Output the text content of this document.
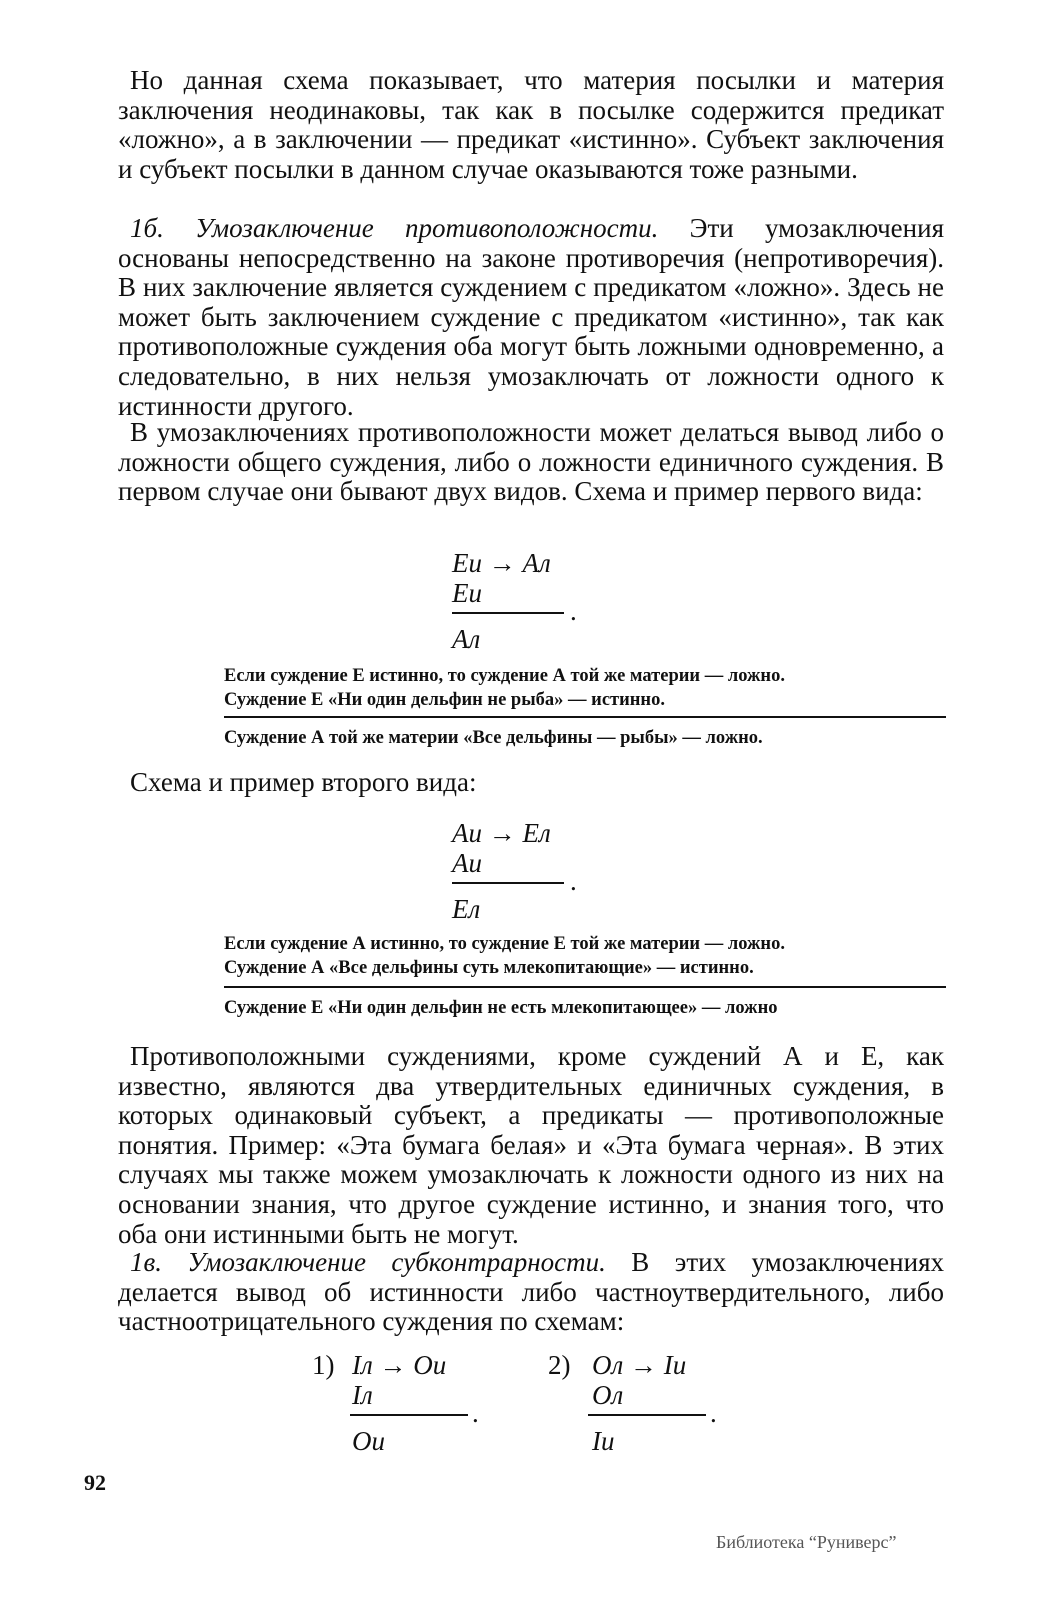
Но данная схема показывает, что материя посылки и материя заключения неодинаковы, так как в посылке содержится предикат «ложно», а в заключении — предикат «истинно». Субъект заключения и субъект посылки в данном случае оказываются тоже разными.

1б. Умозаключение противоположности. Эти умозаключения основаны непосредственно на законе противоречия (непротиворечия). В них заключение является суждением с предикатом «ложно». Здесь не может быть заключением суждение с предикатом «истинно», так как противоположные суждения оба могут быть ложными одновременно, а следовательно, в них нельзя умозаключать от ложности одного к истинности другого.

В умозаключениях противоположности может делаться вывод либо о ложности общего суждения, либо о ложности единичного суждения. В первом случае они бывают двух видов. Схема и пример первого вида:

Еи → Ал
Еи
.
Ал
Если суждение Е истинно, то суждение А той же материи — ложно.
Суждение Е «Ни один дельфин не рыба» — истинно.
Суждение А той же материи «Все дельфины — рыбы» — ложно.

Схема и пример второго вида:

Аи → Ел
Аи
.
Ел
Если суждение А истинно, то суждение Е той же материи — ложно.
Суждение А «Все дельфины суть млекопитающие» — истинно.
Суждение Е «Ни один дельфин не есть млекопитающее» — ложно

Противоположными суждениями, кроме суждений А и Е, как известно, являются два утвердительных единичных суждения, в которых одинаковый субъект, а предикаты — противоположные понятия. Пример: «Эта бумага белая» и «Эта бумага черная». В этих случаях мы также можем умозаключать к ложности одного из них на основании знания, что другое суждение истинно, и знания того, что оба они истинными быть не могут.

1в. Умозаключение субконтрарности. В этих умозаключениях делается вывод об истинности либо частноутвердительного, либо частноотрицательного суждения по схемам:

1) Iл → Ои
Iл
.
Ои
2) Ол → Iи
Ол
.
Iи
92
Библиотека “Руниверс”
